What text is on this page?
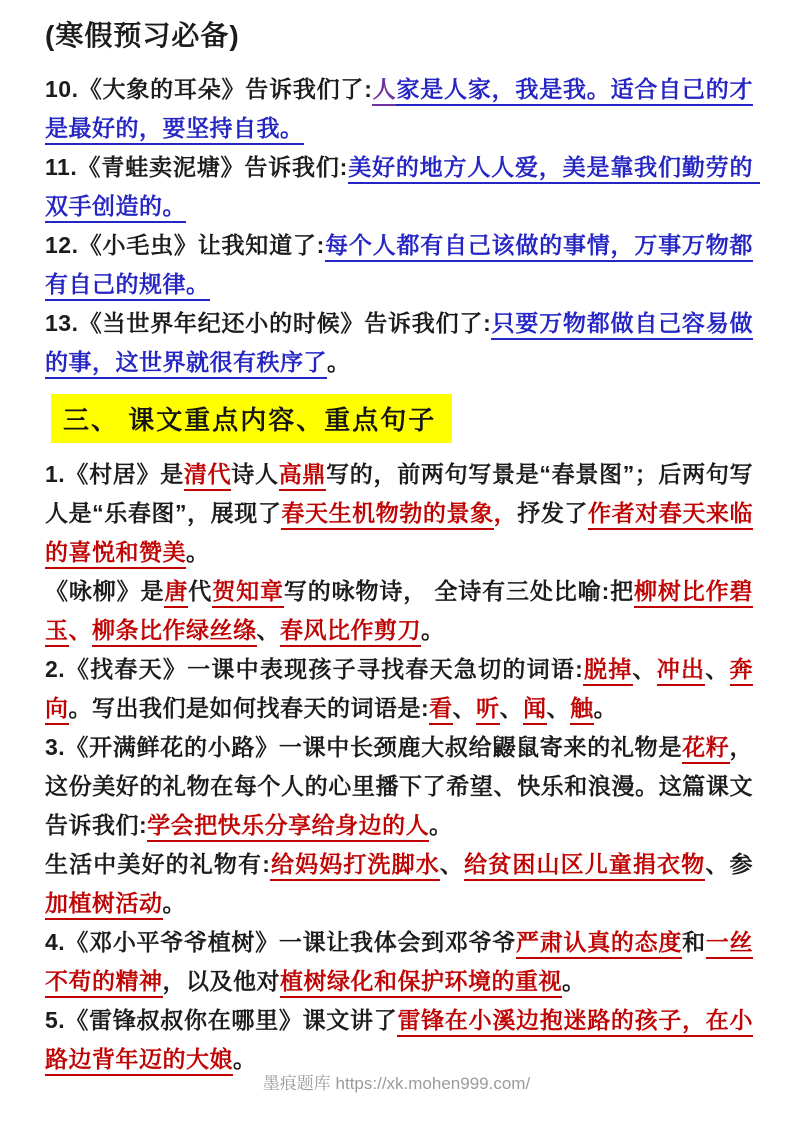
(寒假预习必备)

10.《大象的耳朵》告诉我们了:人家是人家，我是我。适合自己的才是最好的，要坚持自我。

11.《青蛙卖泥塘》告诉我们:美好的地方人人爱，美是靠我们勤劳的 双手创造的。

12.《小毛虫》让我知道了:每个人都有自己该做的事情，万事万物都有自己的规律。

13.《当世界年纪还小的时候》告诉我们了:只要万物都做自己容易做的事，这世界就很有秩序了。

三、 课文重点内容、重点句子

1.《村居》是清代诗人高鼎写的，前两句写景是“春景图”；后两句写人是“乐春图”，展现了春天生机物勃的景象，抒发了作者对春天来临的喜悦和赞美。

《咏柳》是唐代贺知章写的咏物诗， 全诗有三处比喻:把柳树比作碧玉、柳条比作绿丝绦、春风比作剪刀。

2.《找春天》一课中表现孩子寻找春天急切的词语:脱掉、冲出、奔向。写出我们是如何找春天的词语是:看、听、闻、触。

3.《开满鲜花的小路》一课中长颈鹿大叔给鼹鼠寄来的礼物是花籽，这份美好的礼物在每个人的心里播下了希望、快乐和浪漫。这篇课文告诉我们:学会把快乐分享给身边的人。

生活中美好的礼物有:给妈妈打洗脚水、给贫困山区儿童捐衣物、参加植树活动。

4.《邓小平爷爷植树》一课让我体会到邓爷爷严肃认真的态度和一丝不苟的精神，以及他对植树绿化和保护环境的重视。

5.《雷锋叔叔你在哪里》课文讲了雷锋在小溪边抱迷路的孩子，在小路边背年迈的大娘。

墨痕题库 https://xk.mohen999.com/
